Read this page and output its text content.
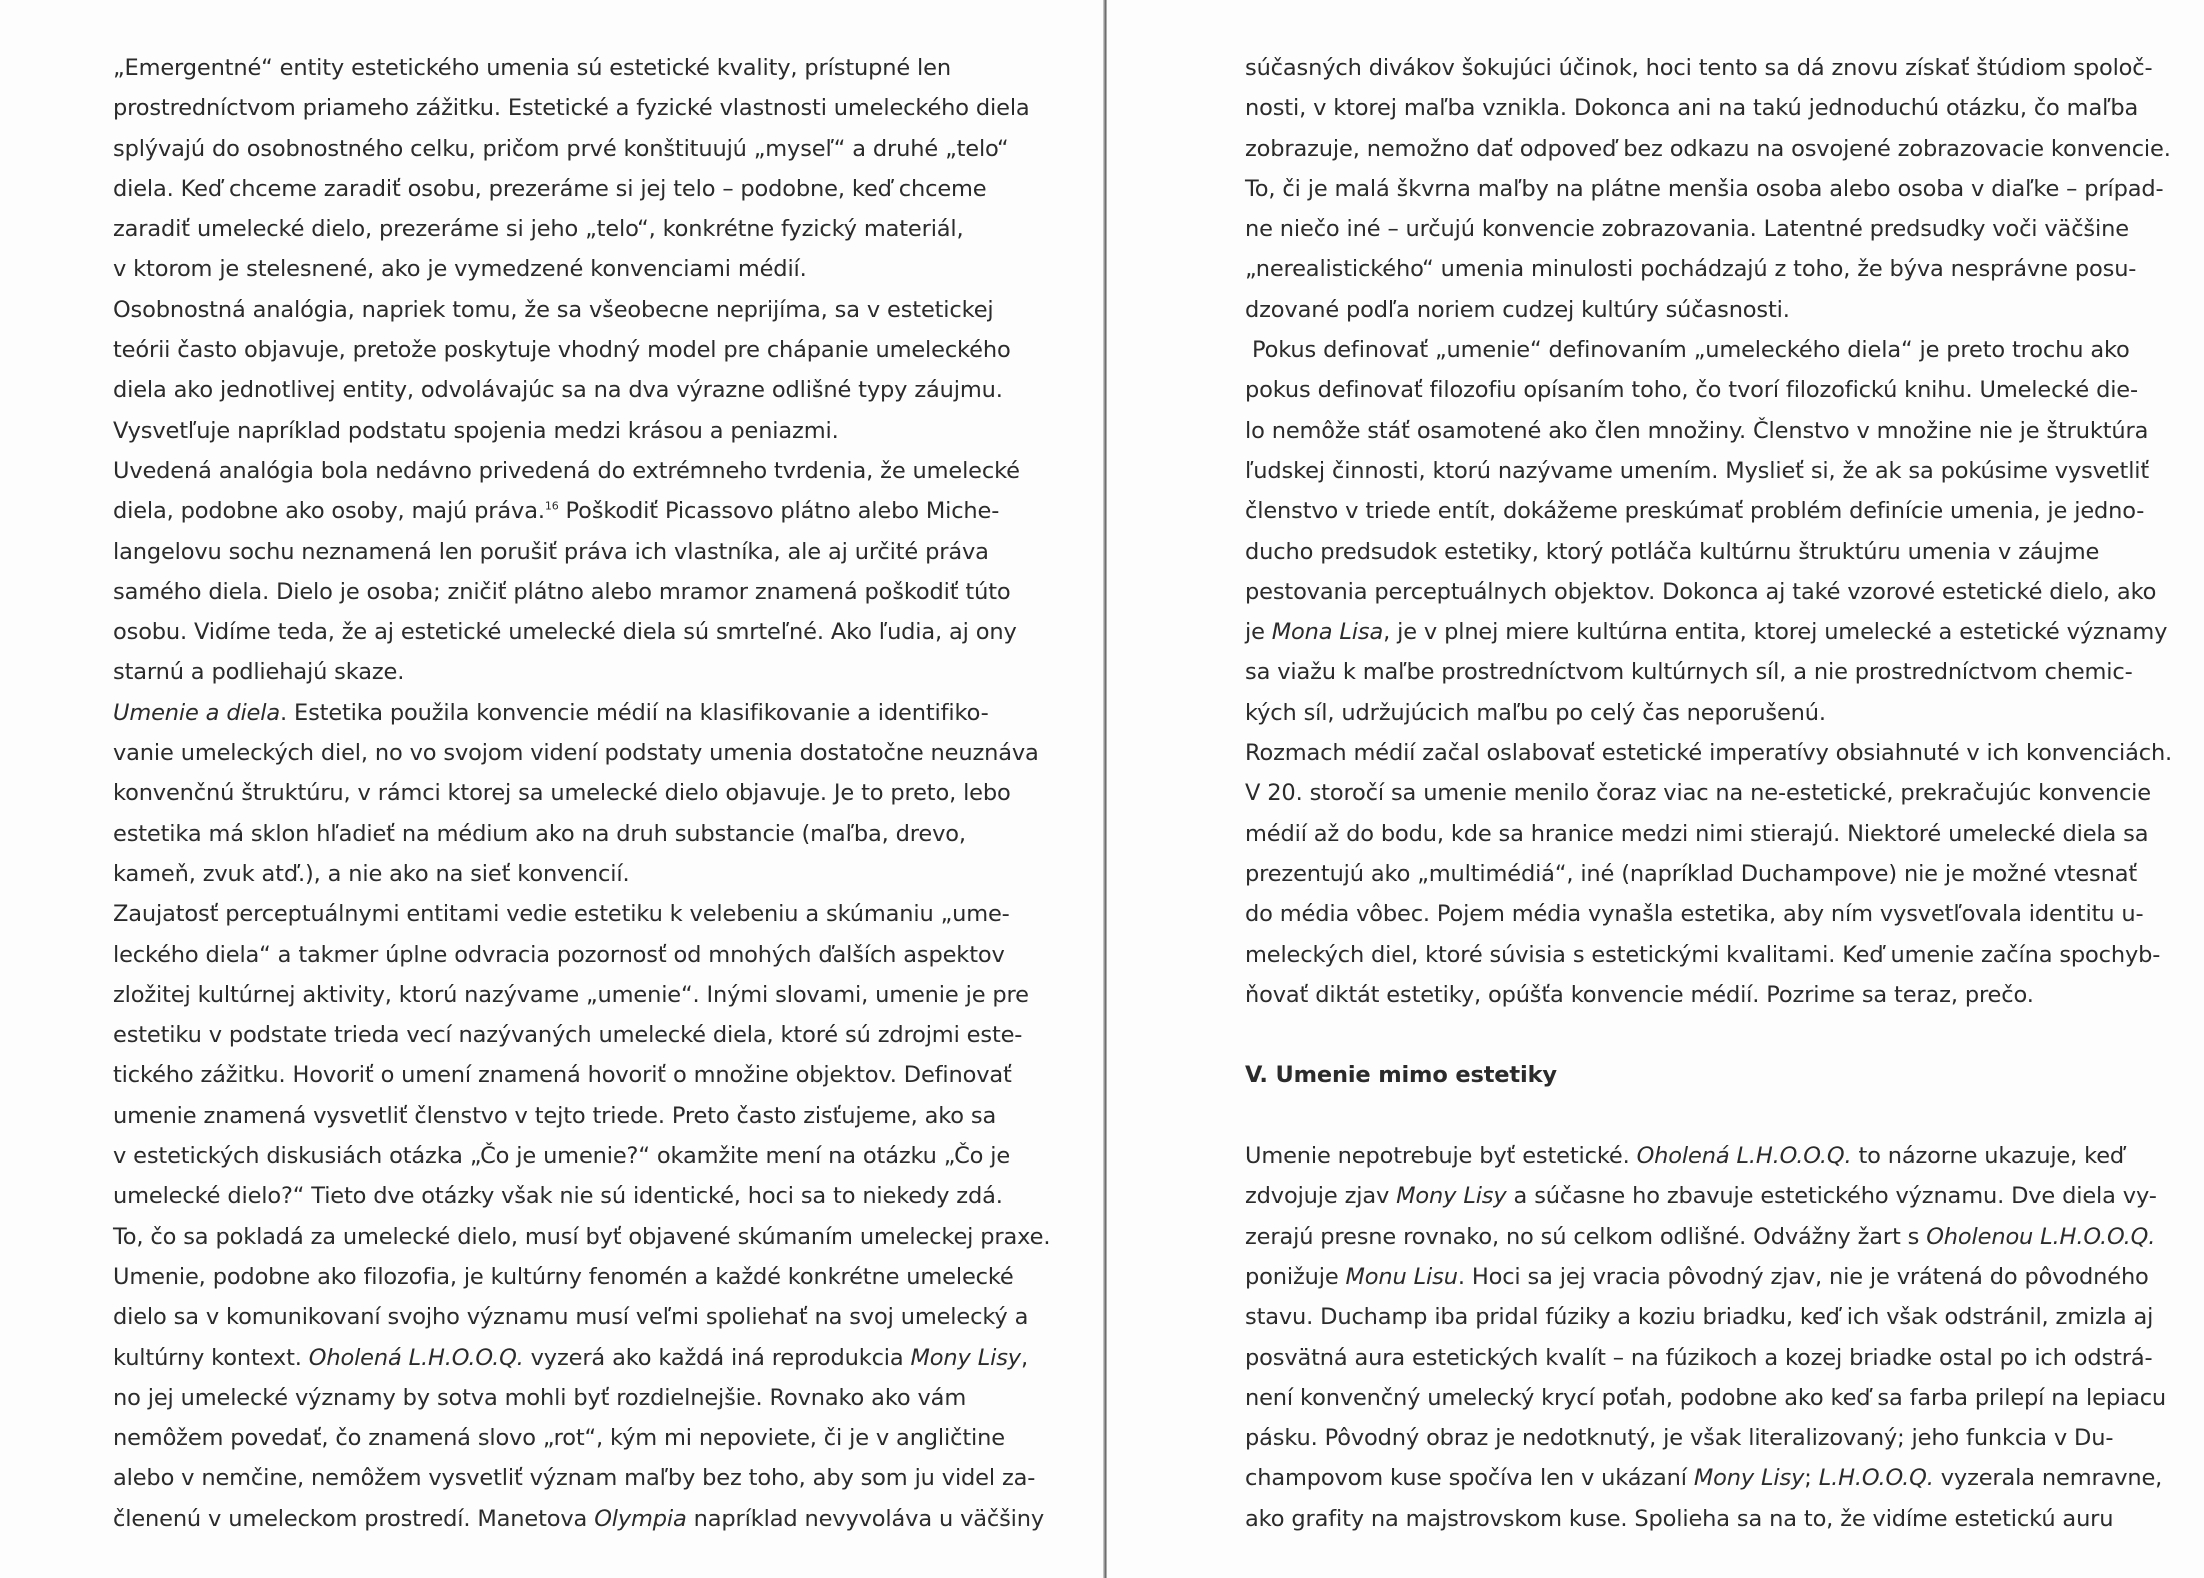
„Emergentné“ entity estetického umenia sú estetické kvality, prístupné len
prostredníctvom priameho zážitku. Estetické a fyzické vlastnosti umeleckého diela
splývajú do osobnostného celku, pričom prvé konštituujú „myseľ“ a druhé „telo“
diela. Keď chceme zaradiť osobu, prezeráme si jej telo – podobne, keď chceme
zaradiť umelecké dielo, prezeráme si jeho „telo“, konkrétne fyzický materiál,
v ktorom je stelesnené, ako je vymedzené konvenciami médií.
Osobnostná analógia, napriek tomu, že sa všeobecne neprijíma, sa v estetickej
teórii často objavuje, pretože poskytuje vhodný model pre chápanie umeleckého
diela ako jednotlivej entity, odvolávajúc sa na dva výrazne odlišné typy záujmu.
Vysvetľuje napríklad podstatu spojenia medzi krásou a peniazmi.
Uvedená analógia bola nedávno privedená do extrémneho tvrdenia, že umelecké
diela, podobne ako osoby, majú práva.$^{16}$ Poškodiť Picassovo plátno alebo Miche-
langelovu sochu neznamená len porušiť práva ich vlastníka, ale aj určité práva
samého diela. Dielo je osoba; zničiť plátno alebo mramor znamená poškodiť túto
osobu. Vidíme teda, že aj estetické umelecké diela sú smrteľné. Ako ľudia, aj ony
starnú a podliehajú skaze.
Umenie a diela. Estetika použila konvencie médií na klasifikovanie a identifiko-
vanie umeleckých diel, no vo svojom videní podstaty umenia dostatočne neuznáva
konvenčnú štruktúru, v rámci ktorej sa umelecké dielo objavuje. Je to preto, lebo
estetika má sklon hľadieť na médium ako na druh substancie (maľba, drevo,
kameň, zvuk atď.), a nie ako na sieť konvencií.
Zaujatosť perceptuálnymi entitami vedie estetiku k velebeniu a skúmaniu „ume-
leckého diela“ a takmer úplne odvracia pozornosť od mnohých ďalších aspektov
zložitej kultúrnej aktivity, ktorú nazývame „umenie“. Inými slovami, umenie je pre
estetiku v podstate trieda vecí nazývaných umelecké diela, ktoré sú zdrojmi este-
tického zážitku. Hovoriť o umení znamená hovoriť o množine objektov. Definovať
umenie znamená vysvetliť členstvo v tejto triede. Preto často zisťujeme, ako sa
v estetických diskusiách otázka „Čo je umenie?“ okamžite mení na otázku „Čo je
umelecké dielo?“ Tieto dve otázky však nie sú identické, hoci sa to niekedy zdá.
To, čo sa pokladá za umelecké dielo, musí byť objavené skúmaním umeleckej praxe.
Umenie, podobne ako filozofia, je kultúrny fenomén a každé konkrétne umelecké
dielo sa v komunikovaní svojho významu musí veľmi spoliehať na svoj umelecký a
kultúrny kontext. Oholená L.H.O.O.Q. vyzerá ako každá iná reprodukcia Mony Lisy,
no jej umelecké významy by sotva mohli byť rozdielnejšie. Rovnako ako vám
nemôžem povedať, čo znamená slovo „rot“, kým mi nepoviete, či je v angličtine
alebo v nemčine, nemôžem vysvetliť význam maľby bez toho, aby som ju videl za-
členenú v umeleckom prostredí. Manetova Olympia napríklad nevyvoláva u väčšiny
súčasných divákov šokujúci účinok, hoci tento sa dá znovu získať štúdiom spoloč-
nosti, v ktorej maľba vznikla. Dokonca ani na takú jednoduchú otázku, čo maľba
zobrazuje, nemožno dať odpoveď bez odkazu na osvojené zobrazovacie konvencie.
To, či je malá škvrna maľby na plátne menšia osoba alebo osoba v diaľke – prípad-
ne niečo iné – určujú konvencie zobrazovania. Latentné predsudky voči väčšine
„nerealistického“ umenia minulosti pochádzajú z toho, že býva nesprávne posu-
dzované podľa noriem cudzej kultúry súčasnosti.
Pokus definovať „umenie“ definovaním „umeleckého diela“ je preto trochu ako
pokus definovať filozofiu opísaním toho, čo tvorí filozofickú knihu. Umelecké die-
lo nemôže stáť osamotené ako člen množiny. Členstvo v množine nie je štruktúra
ľudskej činnosti, ktorú nazývame umením. Myslieť si, že ak sa pokúsime vysvetliť
členstvo v triede entít, dokážeme preskúmať problém definície umenia, je jedno-
ducho predsudok estetiky, ktorý potláča kultúrnu štruktúru umenia v záujme
pestovania perceptuálnych objektov. Dokonca aj také vzorové estetické dielo, ako
je Mona Lisa, je v plnej miere kultúrna entita, ktorej umelecké a estetické významy
sa viažu k maľbe prostredníctvom kultúrnych síl, a nie prostredníctvom chemic-
kých síl, udržujúcich maľbu po celý čas neporušenú.
Rozmach médií začal oslabovať estetické imperatívy obsiahnuté v ich konvenciách.
V 20. storočí sa umenie menilo čoraz viac na ne-estetické, prekračujúc konvencie
médií až do bodu, kde sa hranice medzi nimi stierajú. Niektoré umelecké diela sa
prezentujú ako „multimédiá“, iné (napríklad Duchampove) nie je možné vtesnať
do média vôbec. Pojem média vynašla estetika, aby ním vysvetľovala identitu u-
meleckých diel, ktoré súvisia s estetickými kvalitami. Keď umenie začína spochyb-
ňovať diktát estetiky, opúšťa konvencie médií. Pozrime sa teraz, prečo.
V. Umenie mimo estetiky
Umenie nepotrebuje byť estetické. Oholená L.H.O.O.Q. to názorne ukazuje, keď
zdvojuje zjav Mony Lisy a súčasne ho zbavuje estetického významu. Dve diela vy-
zerajú presne rovnako, no sú celkom odlišné. Odvážny žart s Oholenou L.H.O.O.Q.
ponižuje Monu Lisu. Hoci sa jej vracia pôvodný zjav, nie je vrátená do pôvodného
stavu. Duchamp iba pridal fúziky a koziu briadku, keď ich však odstránil, zmizla aj
posvätná aura estetických kvalít – na fúzikoch a kozej briadke ostal po ich odstrá-
není konvenčný umelecký krycí poťah, podobne ako keď sa farba prilepí na lepiacu
pásku. Pôvodný obraz je nedotknutý, je však literalizovaný; jeho funkcia v Du-
champovom kuse spočíva len v ukázaní Mony Lisy; L.H.O.O.Q. vyzerala nemravne,
ako grafity na majstrovskom kuse. Spolieha sa na to, že vidíme estetickú auru
